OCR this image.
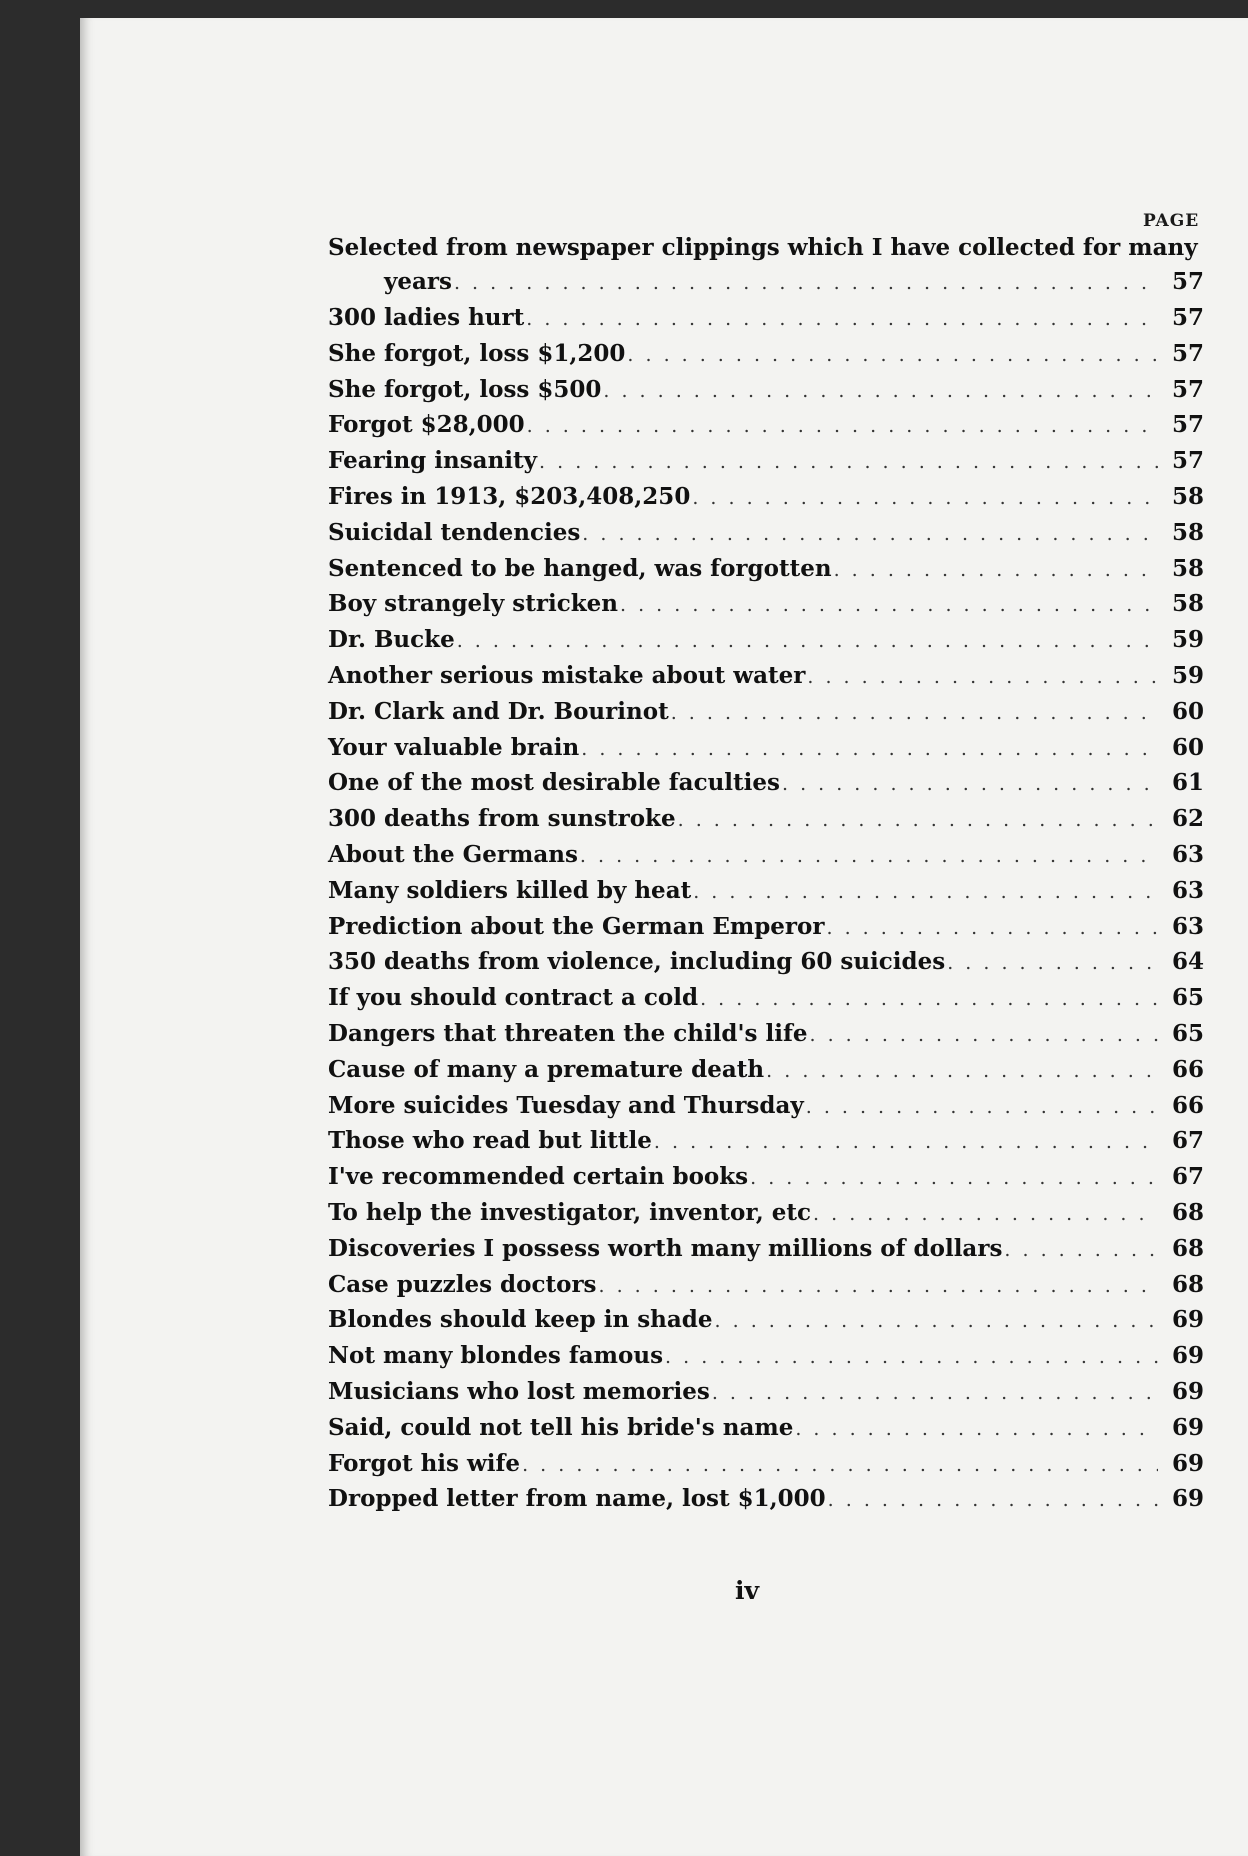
PAGE
Selected from newspaper clippings which I have collected for many
years . . .	57
300 ladies hurt . . .	57
She forgot, loss $1,200 . . .	57
She forgot, loss $500 . . .	57
Forgot $28,000 . . .	57
Fearing insanity . . .	57
Fires in 1913, $203,408,250 . . .	58
Suicidal tendencies . . .	58
Sentenced to be hanged, was forgotten . . .	58
Boy strangely stricken . . .	58
Dr. Bucke . . .	59
Another serious mistake about water . . .	59
Dr. Clark and Dr. Bourinot . . .	60
Your valuable brain . . .	60
One of the most desirable faculties . . .	61
300 deaths from sunstroke . . .	62
About the Germans . . .	63
Many soldiers killed by heat . . .	63
Prediction about the German Emperor . . .	63
350 deaths from violence, including 60 suicides . . .	64
If you should contract a cold . . .	65
Dangers that threaten the child's life . . .	65
Cause of many a premature death . . .	66
More suicides Tuesday and Thursday . . .	66
Those who read but little . . .	67
I've recommended certain books . . .	67
To help the investigator, inventor, etc . . .	68
Discoveries I possess worth many millions of dollars . . .	68
Case puzzles doctors . . .	68
Blondes should keep in shade . . .	69
Not many blondes famous . . .	69
Musicians who lost memories . . .	69
Said, could not tell his bride's name . . .	69
Forgot his wife . . .	69
Dropped letter from name, lost $1,000 . . .	69
iv
